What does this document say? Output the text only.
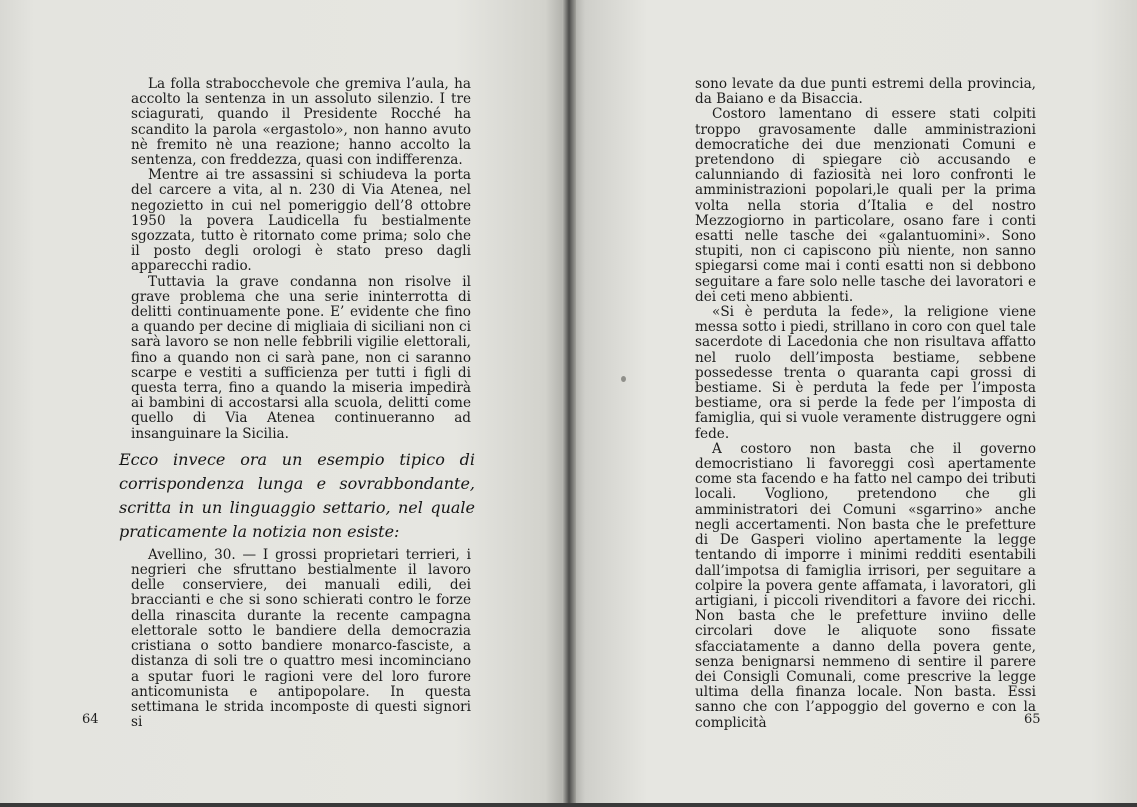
La folla strabocchevole che gremiva l’aula, ha accolto la sentenza in un assoluto silenzio. I tre sciagurati, quando il Presidente Rocché ha scandito la parola «ergastolo», non hanno avuto nè fremito nè una reazione; hanno accolto la sentenza, con freddezza, quasi con indifferenza.

Mentre ai tre assassini si schiudeva la porta del carcere a vita, al n. 230 di Via Atenea, nel negozietto in cui nel pomeriggio dell’8 ottobre 1950 la povera Laudicella fu bestialmente sgozzata, tutto è ritornato come prima; solo che il posto degli orologi è stato preso dagli apparecchi radio.

Tuttavia la grave condanna non risolve il grave problema che una serie ininterrotta di delitti continuamente pone. E’ evidente che fino a quando per decine di migliaia di siciliani non ci sarà lavoro se non nelle febbrili vigilie elettorali, fino a quando non ci sarà pane, non ci saranno scarpe e vestiti a sufficienza per tutti i figli di questa terra, fino a quando la miseria impedirà ai bambini di accostarsi alla scuola, delitti come quello di Via Atenea continueranno ad insanguinare la Sicilia.

Ecco invece ora un esempio tipico di corrispondenza lunga e sovrabbondante, scritta in un linguaggio settario, nel quale praticamente la notizia non esiste:

Avellino, 30. — I grossi proprietari terrieri, i negrieri che sfruttano bestialmente il lavoro delle conserviere, dei manuali edili, dei braccianti e che si sono schierati contro le forze della rinascita durante la recente campagna elettorale sotto le bandiere della democrazia cristiana o sotto bandiere monarco-fasciste, a distanza di soli tre o quattro mesi incominciano a sputar fuori le ragioni vere del loro furore anticomunista e antipopolare. In questa settimana le strida incomposte di questi signori si

64

sono levate da due punti estremi della provincia, da Baiano e da Bisaccia.

Costoro lamentano di essere stati colpiti troppo gravosamente dalle amministrazioni democratiche dei due menzionati Comuni e pretendono di spiegare ciò accusando e calunniando di faziosità nei loro confronti le amministrazioni popolari,le quali per la prima volta nella storia d’Italia e del nostro Mezzogiorno in particolare, osano fare i conti esatti nelle tasche dei «galantuomini». Sono stupiti, non ci capiscono più niente, non sanno spiegarsi come mai i conti esatti non si debbono seguitare a fare solo nelle tasche dei lavoratori e dei ceti meno abbienti.

«Si è perduta la fede», la religione viene messa sotto i piedi, strillano in coro con quel tale sacerdote di Lacedonia che non risultava affatto nel ruolo dell’imposta bestiame, sebbene possedesse trenta o quaranta capi grossi di bestiame. Si è perduta la fede per l’imposta bestiame, ora si perde la fede per l’imposta di famiglia, qui si vuole veramente distruggere ogni fede.

A costoro non basta che il governo democristiano li favoreggi così apertamente come sta facendo e ha fatto nel campo dei tributi locali. Vogliono, pretendono che gli amministratori dei Comuni «sgarrino» anche negli accertamenti. Non basta che le prefetture di De Gasperi violino apertamente la legge tentando di imporre i minimi redditi esentabili dall’impotsa di famiglia irrisori, per seguitare a colpire la povera gente affamata, i lavoratori, gli artigiani, i piccoli rivenditori a favore dei ricchi. Non basta che le prefetture inviino delle circolari dove le aliquote sono fissate sfacciatamente a danno della povera gente, senza benignarsi nemmeno di sentire il parere dei Consigli Comunali, come prescrive la legge ultima della finanza locale. Non basta. Essi sanno che con l’appoggio del governo e con la complicità	65
